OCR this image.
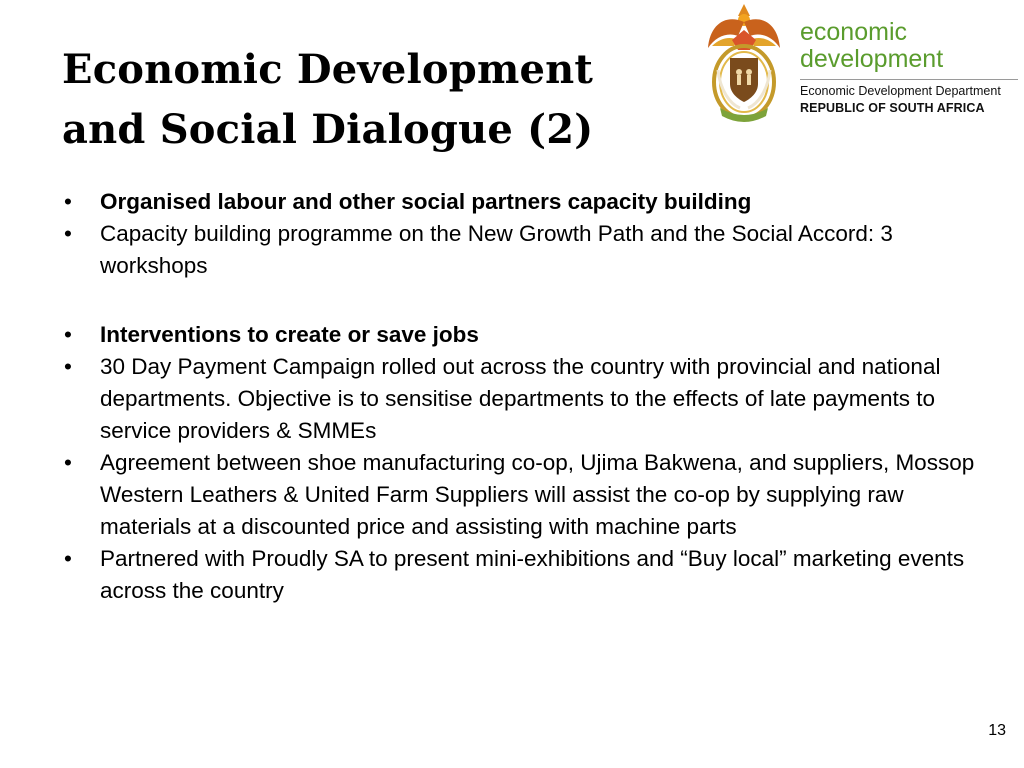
Economic Development
and Social Dialogue (2)
economic
development
Economic Development Department
REPUBLIC OF SOUTH AFRICA
• Organised labour and other social partners capacity building
• Capacity building programme on the New Growth Path and the Social Accord: 3 workshops
• Interventions to create or save jobs
• 30 Day Payment Campaign rolled out across the country with provincial and national departments. Objective is to sensitise departments to the effects of late payments to service providers & SMMEs
• Agreement between shoe manufacturing co-op, Ujima Bakwena, and suppliers, Mossop Western Leathers & United Farm Suppliers will assist the co-op by supplying raw materials at a discounted price and assisting with machine parts
• Partnered with Proudly SA to present mini-exhibitions and “Buy local” marketing events across the country
13
